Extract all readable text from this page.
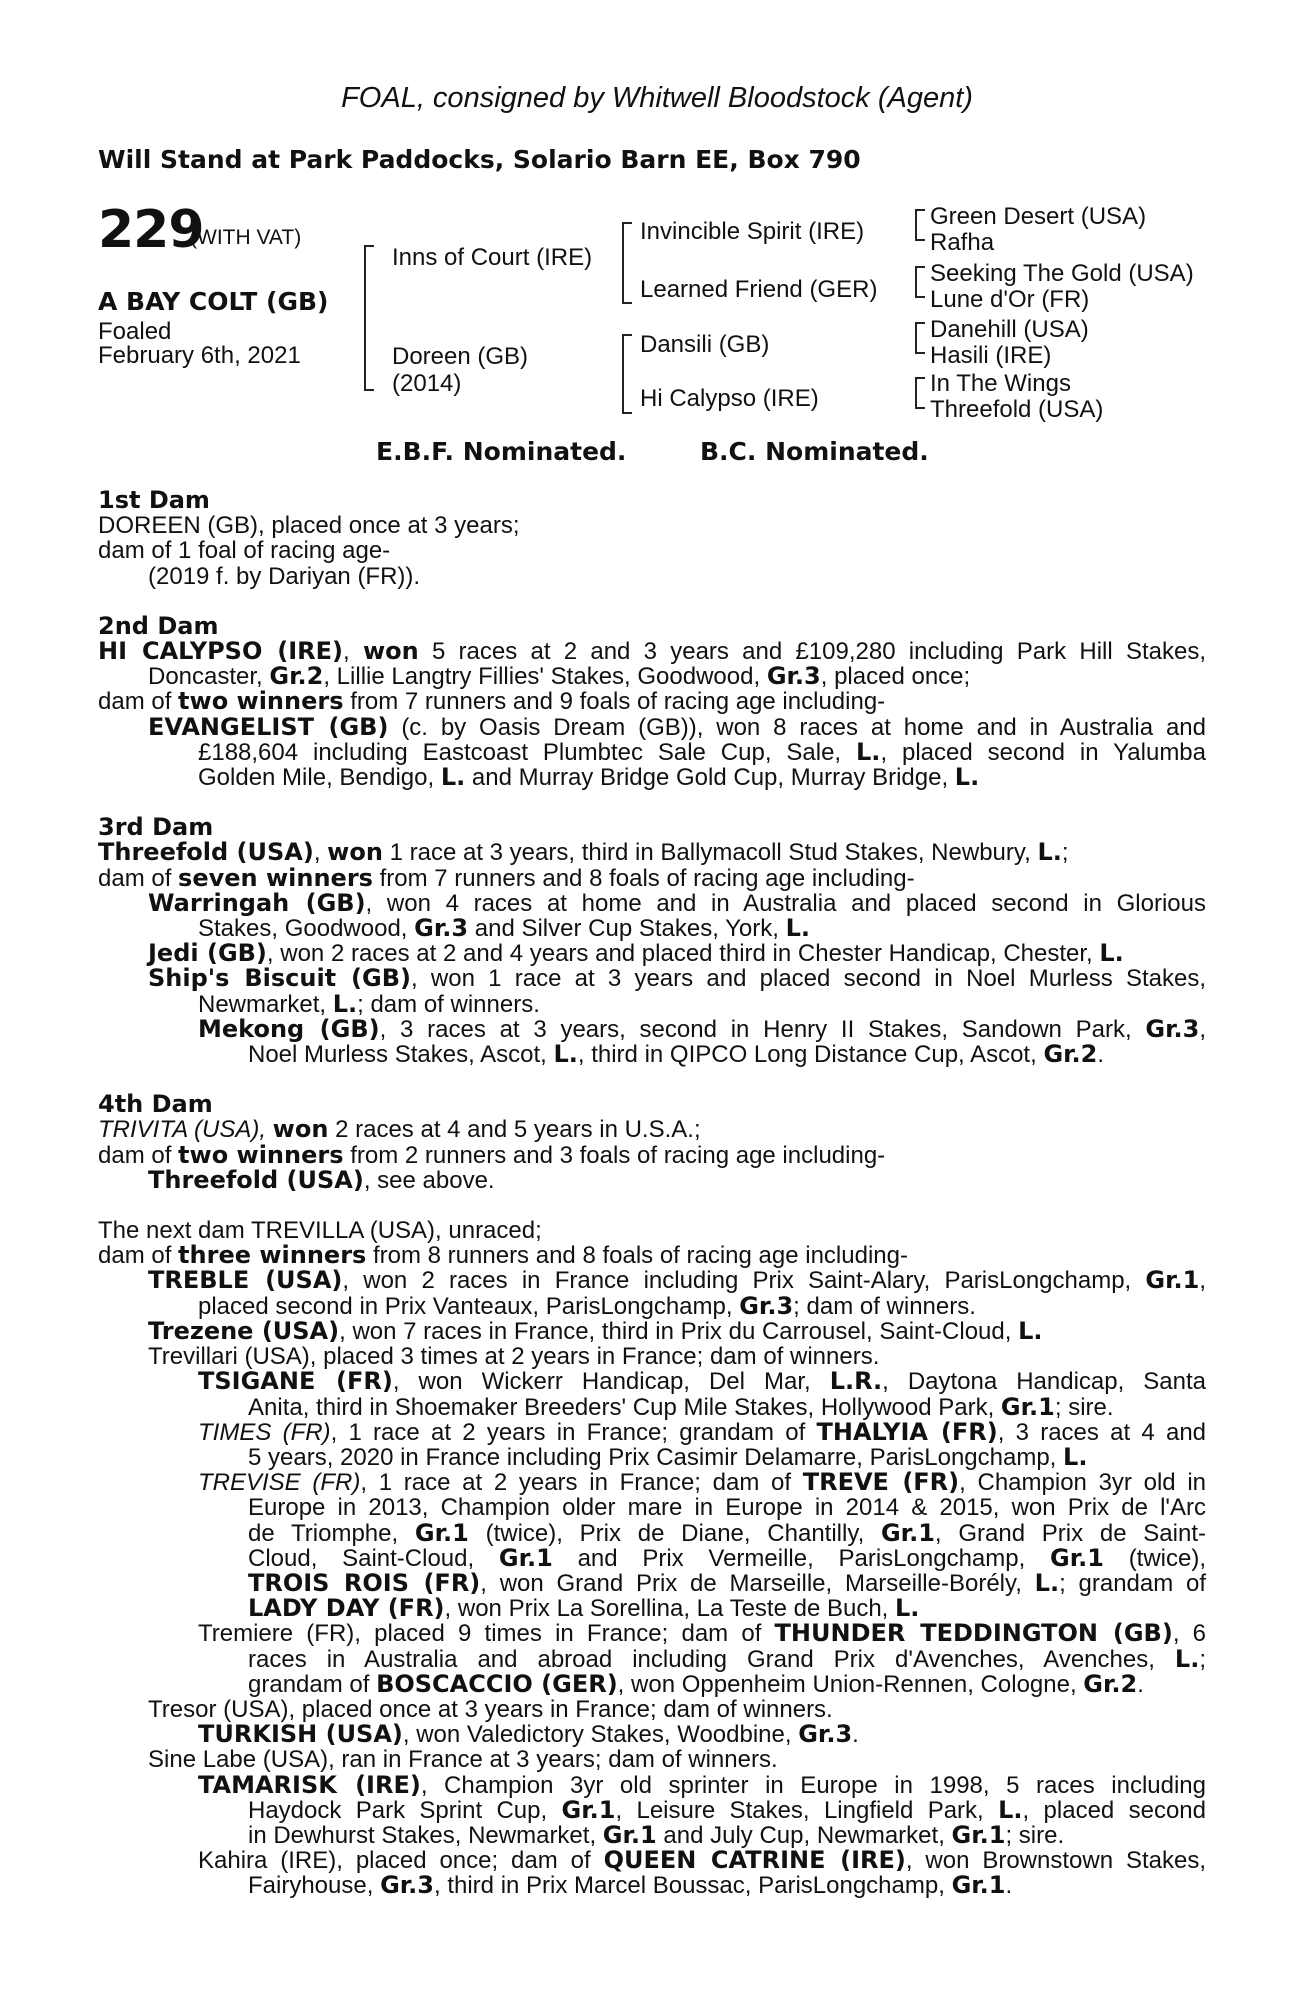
FOAL, consigned by Whitwell Bloodstock (Agent)
Will Stand at Park Paddocks, Solario Barn EE, Box 790
229
(WITH VAT)
A BAY COLT (GB)
Foaled
February 6th, 2021
Inns of Court (IRE)
Doreen (GB)
(2014)
Invincible Spirit (IRE)
Learned Friend (GER)
Dansili (GB)
Hi Calypso (IRE)
Green Desert (USA)
Rafha
Seeking The Gold (USA)
Lune d'Or (FR)
Danehill (USA)
Hasili (IRE)
In The Wings
Threefold (USA)
E.B.F. Nominated.	B.C. Nominated.
1st Dam
DOREEN (GB), placed once at 3 years;
dam of 1 foal of racing age-
(2019 f. by Dariyan (FR)).
2nd Dam
HI CALYPSO (IRE), won 5 races at 2 and 3 years and £109,280 including Park Hill Stakes,
Doncaster, Gr.2, Lillie Langtry Fillies' Stakes, Goodwood, Gr.3, placed once;
dam of two winners from 7 runners and 9 foals of racing age including-
EVANGELIST (GB) (c. by Oasis Dream (GB)), won 8 races at home and in Australia and
£188,604 including Eastcoast Plumbtec Sale Cup, Sale, L., placed second in Yalumba
Golden Mile, Bendigo, L. and Murray Bridge Gold Cup, Murray Bridge, L.
3rd Dam
Threefold (USA), won 1 race at 3 years, third in Ballymacoll Stud Stakes, Newbury, L.;
dam of seven winners from 7 runners and 8 foals of racing age including-
Warringah (GB), won 4 races at home and in Australia and placed second in Glorious
Stakes, Goodwood, Gr.3 and Silver Cup Stakes, York, L.
Jedi (GB), won 2 races at 2 and 4 years and placed third in Chester Handicap, Chester, L.
Ship's Biscuit (GB), won 1 race at 3 years and placed second in Noel Murless Stakes,
Newmarket, L.; dam of winners.
Mekong (GB), 3 races at 3 years, second in Henry II Stakes, Sandown Park, Gr.3,
Noel Murless Stakes, Ascot, L., third in QIPCO Long Distance Cup, Ascot, Gr.2.
4th Dam
TRIVITA (USA), won 2 races at 4 and 5 years in U.S.A.;
dam of two winners from 2 runners and 3 foals of racing age including-
Threefold (USA), see above.
The next dam TREVILLA (USA), unraced;
dam of three winners from 8 runners and 8 foals of racing age including-
TREBLE (USA), won 2 races in France including Prix Saint-Alary, ParisLongchamp, Gr.1,
placed second in Prix Vanteaux, ParisLongchamp, Gr.3; dam of winners.
Trezene (USA), won 7 races in France, third in Prix du Carrousel, Saint-Cloud, L.
Trevillari (USA), placed 3 times at 2 years in France; dam of winners.
TSIGANE (FR), won Wickerr Handicap, Del Mar, L.R., Daytona Handicap, Santa
Anita, third in Shoemaker Breeders' Cup Mile Stakes, Hollywood Park, Gr.1; sire.
TIMES (FR), 1 race at 2 years in France; grandam of THALYIA (FR), 3 races at 4 and
5 years, 2020 in France including Prix Casimir Delamarre, ParisLongchamp, L.
TREVISE (FR), 1 race at 2 years in France; dam of TREVE (FR), Champion 3yr old in
Europe in 2013, Champion older mare in Europe in 2014 & 2015, won Prix de l'Arc
de Triomphe, Gr.1 (twice), Prix de Diane, Chantilly, Gr.1, Grand Prix de Saint-
Cloud, Saint-Cloud, Gr.1 and Prix Vermeille, ParisLongchamp, Gr.1 (twice),
TROIS ROIS (FR), won Grand Prix de Marseille, Marseille-Borély, L.; grandam of
LADY DAY (FR), won Prix La Sorellina, La Teste de Buch, L.
Tremiere (FR), placed 9 times in France; dam of THUNDER TEDDINGTON (GB), 6
races in Australia and abroad including Grand Prix d'Avenches, Avenches, L.;
grandam of BOSCACCIO (GER), won Oppenheim Union-Rennen, Cologne, Gr.2.
Tresor (USA), placed once at 3 years in France; dam of winners.
TURKISH (USA), won Valedictory Stakes, Woodbine, Gr.3.
Sine Labe (USA), ran in France at 3 years; dam of winners.
TAMARISK (IRE), Champion 3yr old sprinter in Europe in 1998, 5 races including
Haydock Park Sprint Cup, Gr.1, Leisure Stakes, Lingfield Park, L., placed second
in Dewhurst Stakes, Newmarket, Gr.1 and July Cup, Newmarket, Gr.1; sire.
Kahira (IRE), placed once; dam of QUEEN CATRINE (IRE), won Brownstown Stakes,
Fairyhouse, Gr.3, third in Prix Marcel Boussac, ParisLongchamp, Gr.1.
